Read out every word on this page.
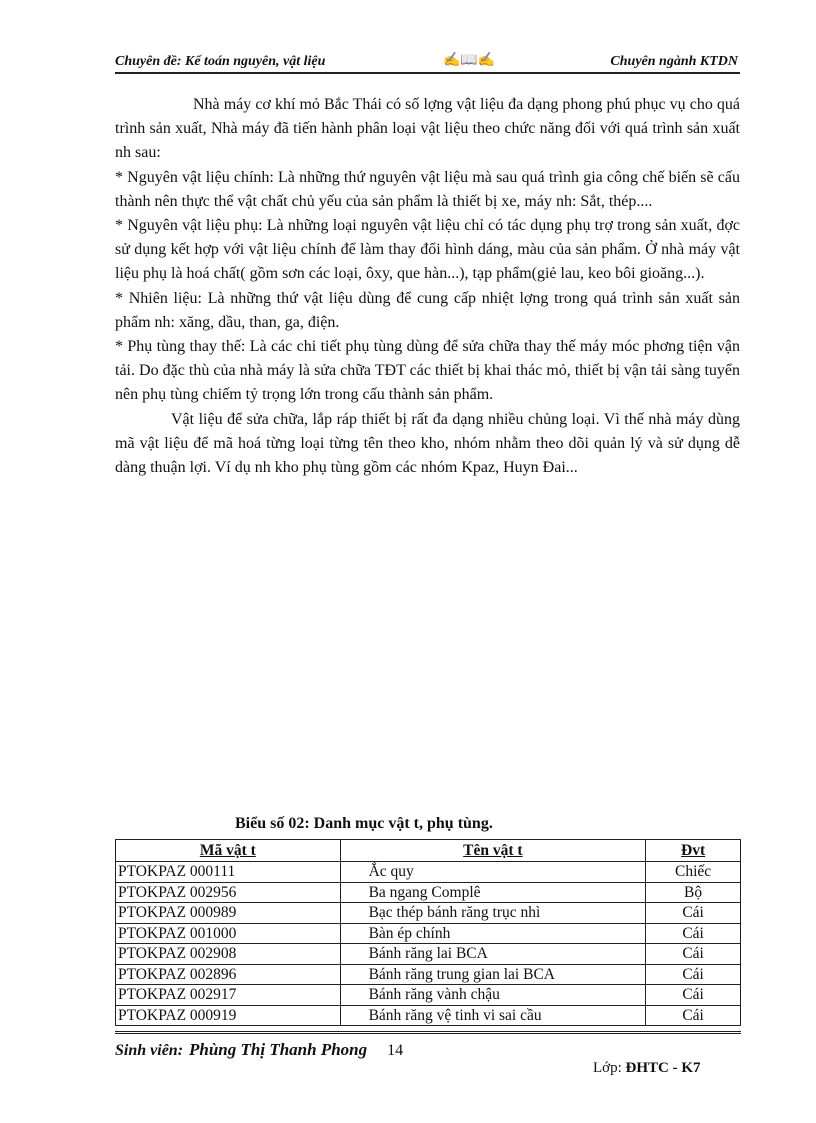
Chuyên đề: Kế toán nguyên, vật liệu	✍📖✍	Chuyên ngành KTDN

Nhà máy cơ khí mỏ Bắc Thái có số lợng vật liệu đa dạng phong phú phục vụ cho quá trình sản xuất, Nhà máy đã tiến hành phân loại vật liệu theo chức năng đối với quá trình sản xuất nh sau:

* Nguyên vật liệu chính: Là những thứ nguyên vật liệu mà sau quá trình gia công chế biến sẽ cấu thành nên thực thể vật chất chủ yếu của sản phẩm là thiết bị xe, máy nh: Sắt, thép....

* Nguyên vật liệu phụ: Là những loại nguyên vật liệu chỉ có tác dụng phụ trợ trong sản xuất, đợc sử dụng kết hợp với vật liệu chính để làm thay đổi hình dáng, màu của sản phẩm. Ở nhà máy vật liệu phụ là hoá chất( gồm sơn các loại, ôxy, que hàn...), tạp phẩm(giẻ lau, keo bôi gioăng...).

* Nhiên liệu: Là những thứ vật liệu dùng để cung cấp nhiệt lợng trong quá trình sản xuất sản phẩm nh: xăng, dầu, than, ga, điện.

* Phụ tùng thay thế: Là các chi tiết phụ tùng dùng để sửa chữa thay thế máy móc phơng tiện vận tải. Do đặc thù của nhà máy là sửa chữa TĐT các thiết bị khai thác mỏ, thiết bị vận tải sàng tuyển nên phụ tùng chiếm tỷ trọng lớn trong cấu thành sản phẩm.

Vật liệu để sửa chữa, lắp ráp thiết bị rất đa dạng nhiều chủng loại. Vì thế nhà máy dùng mã vật liệu để mã hoá từng loại từng tên theo kho, nhóm nhằm theo dõi quản lý và sử dụng dễ dàng thuận lợi. Ví dụ nh kho phụ tùng gồm các nhóm Kpaz, Huyn Đai...

Biểu số 02: Danh mục vật t, phụ tùng.
Mã vật t	Tên vật t	Đvt
PTOKPAZ 000111	Ắc quy	Chiếc
PTOKPAZ 002956	Ba ngang Complê	Bộ
PTOKPAZ 000989	Bạc thép bánh răng trục nhì	Cái
PTOKPAZ 001000	Bàn ép chính	Cái
PTOKPAZ 002908	Bánh răng lai BCA	Cái
PTOKPAZ 002896	Bánh răng trung gian lai BCA	Cái
PTOKPAZ 002917	Bánh răng vành chậu	Cái
PTOKPAZ 000919	Bánh răng vệ tinh vi sai cầu	Cái
Sinh viên: Phùng Thị Thanh Phong 14
Lớp: ĐHTC - K7
